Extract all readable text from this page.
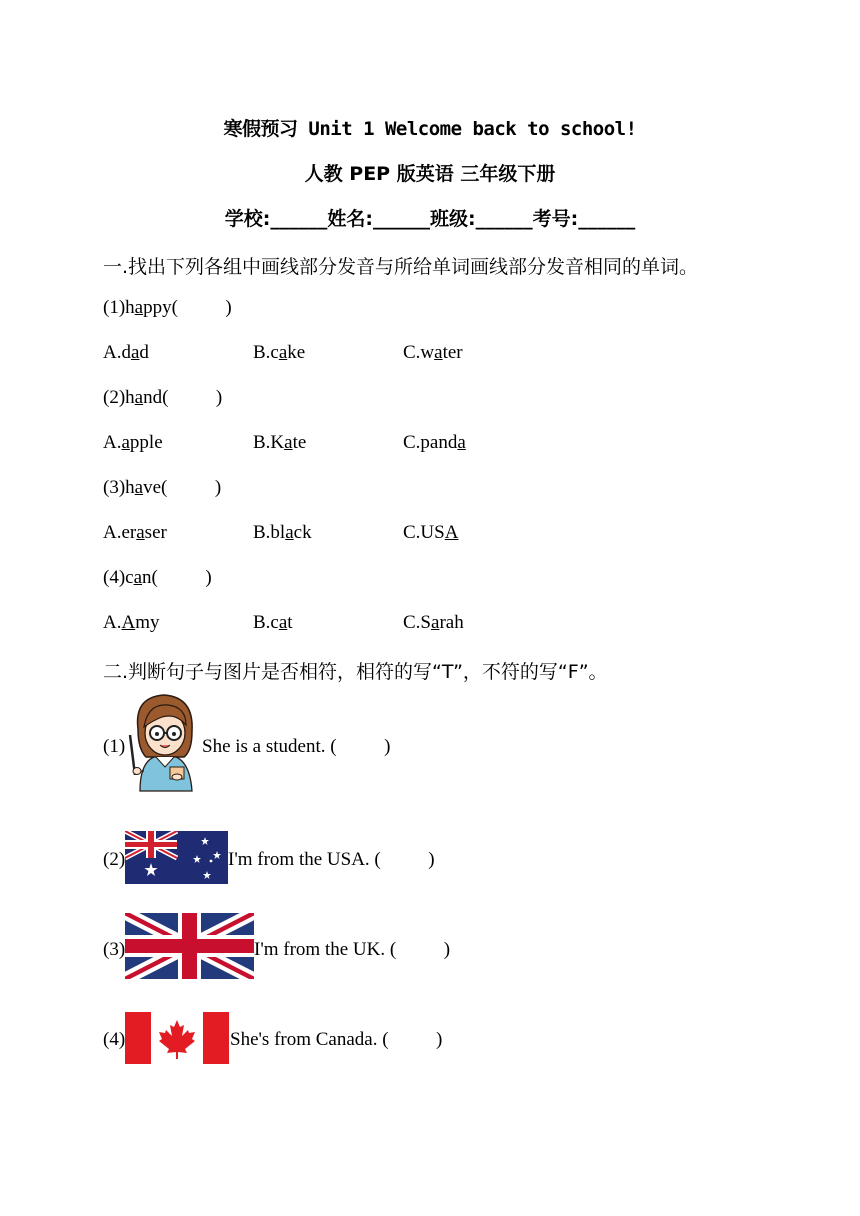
寒假预习 Unit 1 Welcome back to school!
人教 PEP 版英语 三年级下册
学校:______姓名:______班级:______考号:______
一.找出下列各组中画线部分发音与所给单词画线部分发音相同的单词。
(1)happy(          )
A.dad	B.cake	C.water
(2)hand(          )
A.apple	B.Kate	C.panda
(3)have(          )
A.eraser	B.black	C.USA
(4)can(          )
A.Amy	B.cat	C.Sarah
二.判断句子与图片是否相符，相符的写“T”，不符的写“F”。
(1)	She is a student. (          )
(2)	I'm from the USA. (          )
(3)	I'm from the UK. (          )
(4)	She's from Canada. (          )
